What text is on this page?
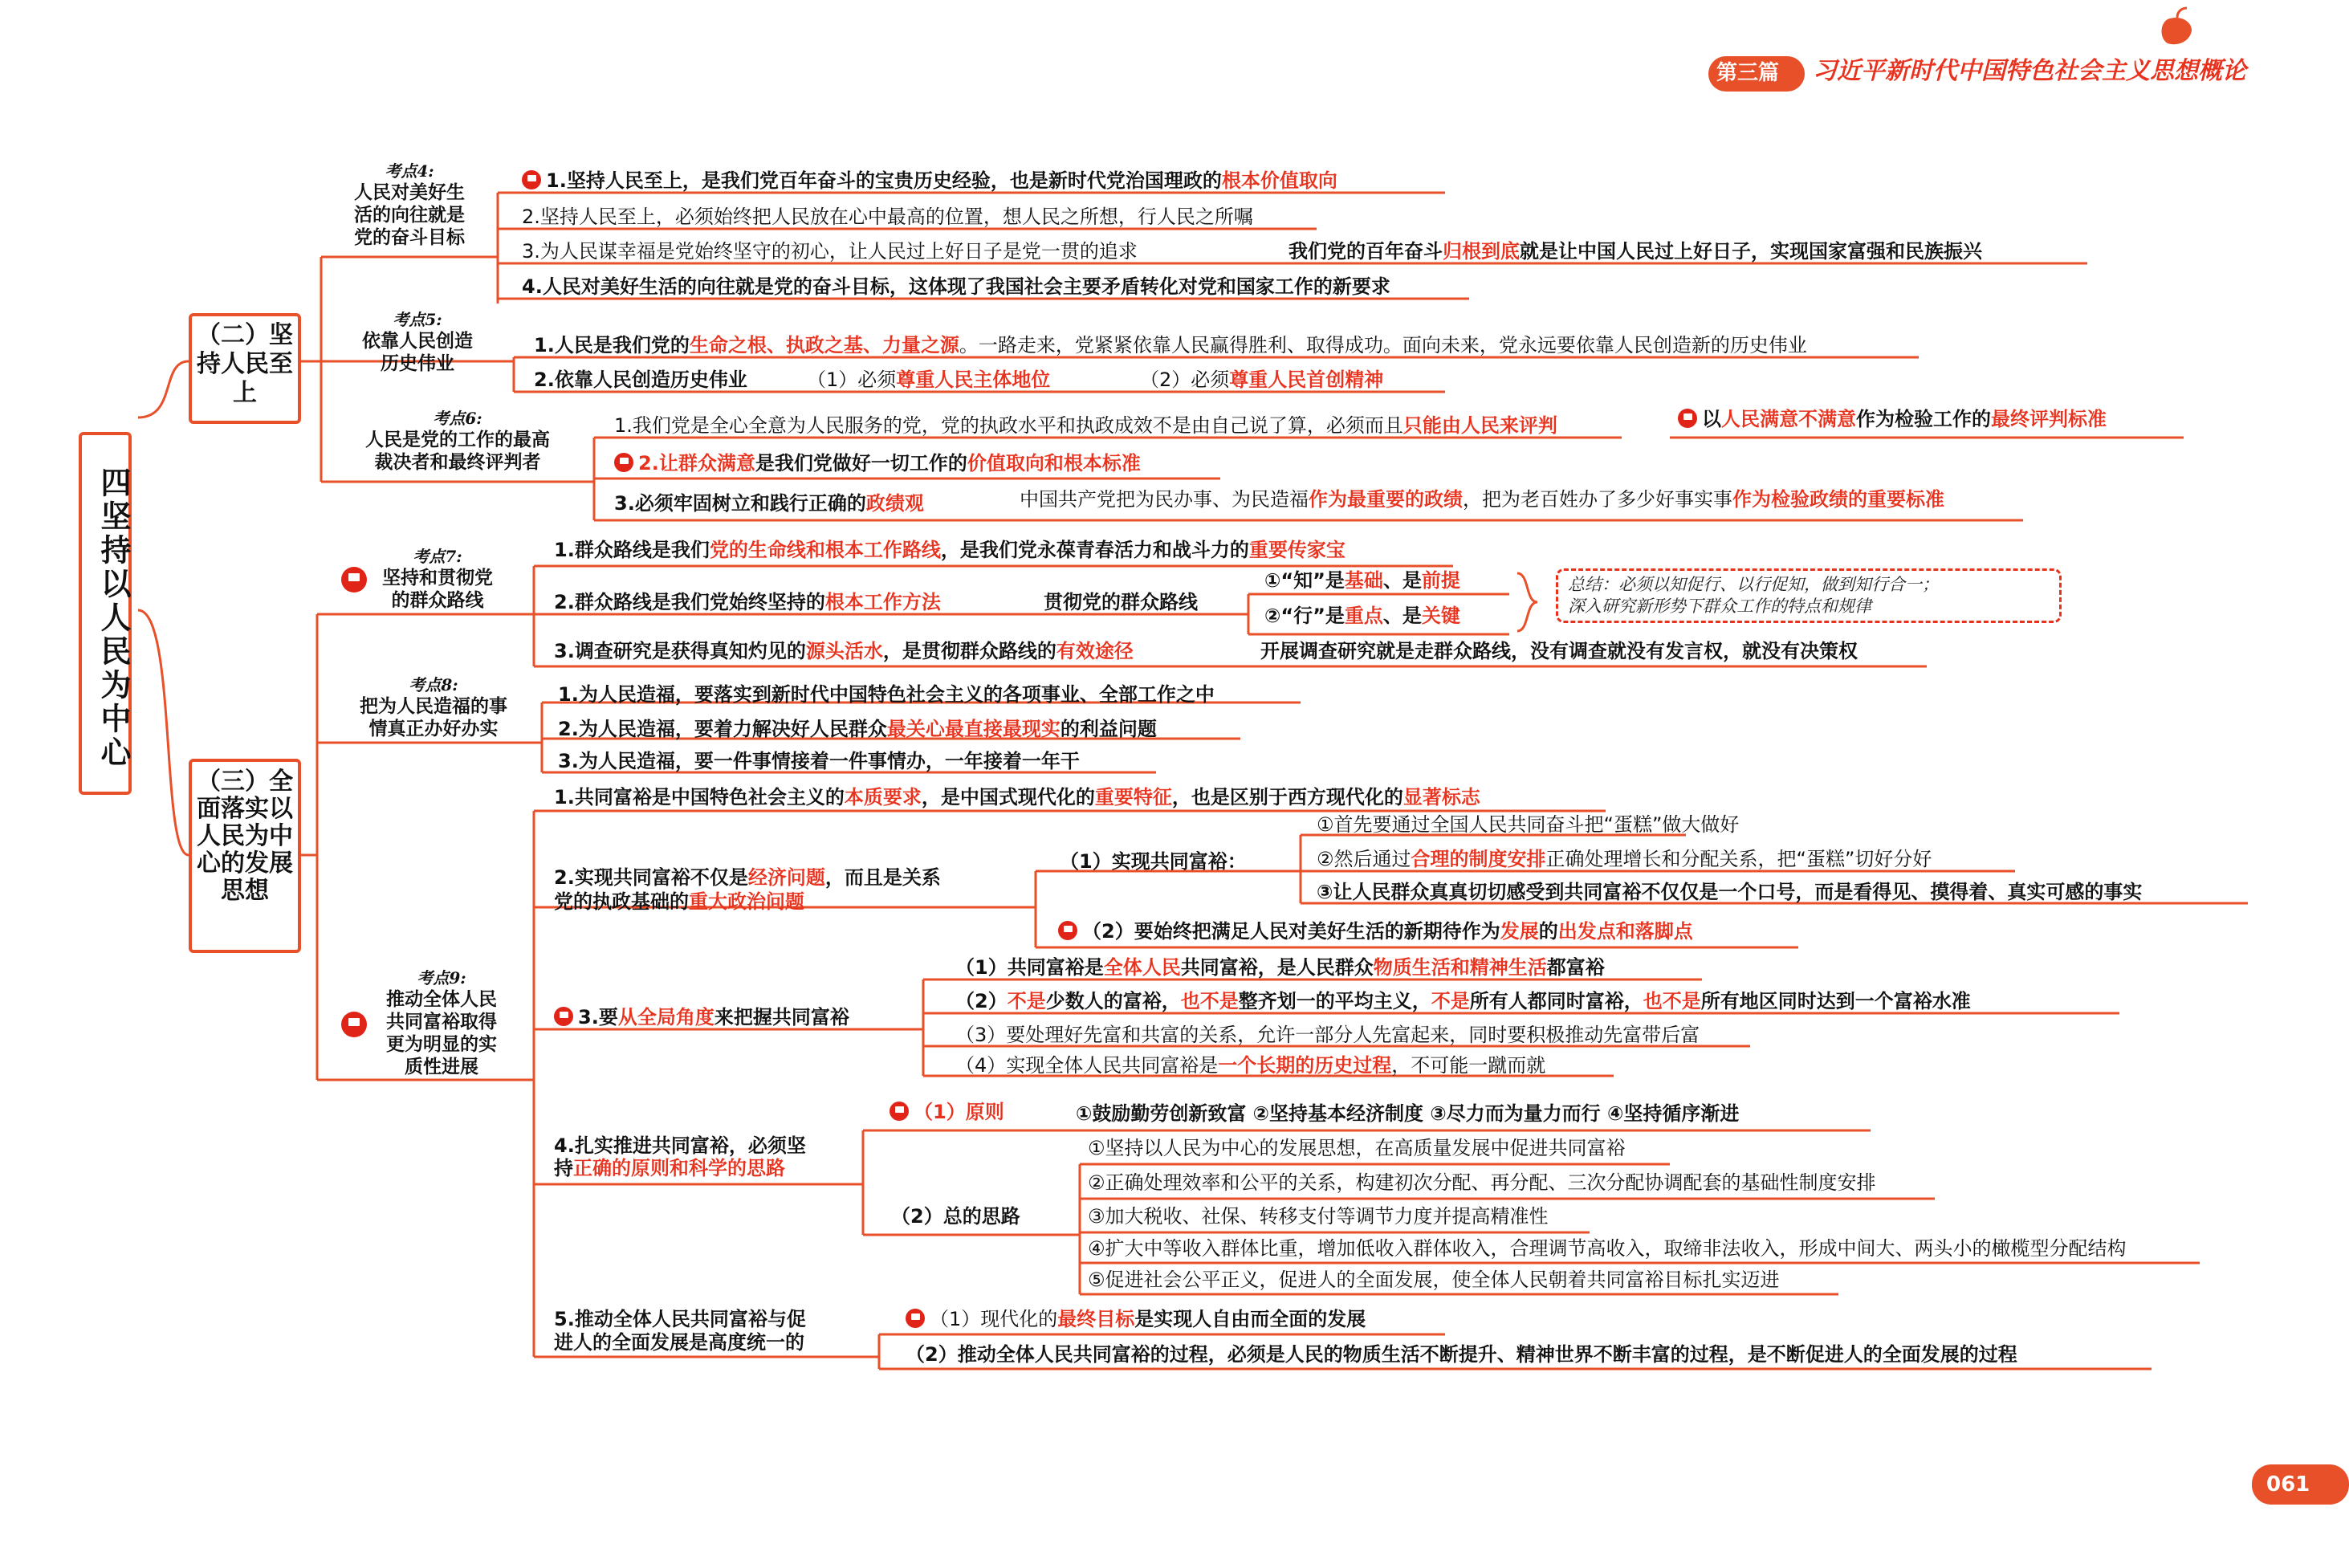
第三篇 习近平新时代中国特色社会主义思想概论
061
四坚持以人民为中心
（二）坚持人民至上
（三）全面落实以人民为中心的发展思想
考点4:
人民对美好生
活的向往就是
党的奋斗目标
考点5:
依靠人民创造
历史伟业
考点6:
人民是党的工作的最高
裁决者和最终评判者
考点7:
坚持和贯彻党
的群众路线
考点8:
把为人民造福的事
情真正办好办实
考点9:
推动全体人民
共同富裕取得
更为明显的实
质性进展
1.坚持人民至上，是我们党百年奋斗的宝贵历史经验，也是新时代党治国理政的根本价值取向
2.坚持人民至上，必须始终把人民放在心中最高的位置，想人民之所想，行人民之所嘱
3.为人民谋幸福是党始终坚守的初心，让人民过上好日子是党一贯的追求	我们党的百年奋斗归根到底就是让中国人民过上好日子，实现国家富强和民族振兴
4.人民对美好生活的向往就是党的奋斗目标，这体现了我国社会主要矛盾转化对党和国家工作的新要求
1.人民是我们党的生命之根、执政之基、力量之源。一路走来，党紧紧依靠人民赢得胜利、取得成功。面向未来，党永远要依靠人民创造新的历史伟业
2.依靠人民创造历史伟业	（1）必须尊重人民主体地位	（2）必须尊重人民首创精神
1.我们党是全心全意为人民服务的党，党的执政水平和执政成效不是由自己说了算，必须而且只能由人民来评判	以人民满意不满意作为检验工作的最终评判标准
2.让群众满意是我们党做好一切工作的价值取向和根本标准
3.必须牢固树立和践行正确的政绩观	中国共产党把为民办事、为民造福作为最重要的政绩，把为老百姓办了多少好事实事作为检验政绩的重要标准
1.群众路线是我们党的生命线和根本工作路线，是我们党永葆青春活力和战斗力的重要传家宝
2.群众路线是我们党始终坚持的根本工作方法	贯彻党的群众路线
①“知”是基础、是前提
②“行”是重点、是关键
总结：必须以知促行、以行促知，做到知行合一；
深入研究新形势下群众工作的特点和规律
3.调查研究是获得真知灼见的源头活水，是贯彻群众路线的有效途径	开展调查研究就是走群众路线，没有调查就没有发言权，就没有决策权
1.为人民造福，要落实到新时代中国特色社会主义的各项事业、全部工作之中
2.为人民造福，要着力解决好人民群众最关心最直接最现实的利益问题
3.为人民造福，要一件事情接着一件事情办，一年接着一年干
1.共同富裕是中国特色社会主义的本质要求，是中国式现代化的重要特征，也是区别于西方现代化的显著标志
2.实现共同富裕不仅是经济问题，而且是关系
党的执政基础的重大政治问题
（1）实现共同富裕：
①首先要通过全国人民共同奋斗把“蛋糕”做大做好
②然后通过合理的制度安排正确处理增长和分配关系，把“蛋糕”切好分好
③让人民群众真真切切感受到共同富裕不仅仅是一个口号，而是看得见、摸得着、真实可感的事实
（2）要始终把满足人民对美好生活的新期待作为发展的出发点和落脚点
3.要从全局角度来把握共同富裕
（1）共同富裕是全体人民共同富裕，是人民群众物质生活和精神生活都富裕
（2）不是少数人的富裕，也不是整齐划一的平均主义，不是所有人都同时富裕，也不是所有地区同时达到一个富裕水准
（3）要处理好先富和共富的关系，允许一部分人先富起来，同时要积极推动先富带后富
（4）实现全体人民共同富裕是一个长期的历史过程，不可能一蹴而就
4.扎实推进共同富裕，必须坚
持正确的原则和科学的思路
（1）原则	①鼓励勤劳创新致富 ②坚持基本经济制度 ③尽力而为量力而行 ④坚持循序渐进
（2）总的思路
①坚持以人民为中心的发展思想，在高质量发展中促进共同富裕
②正确处理效率和公平的关系，构建初次分配、再分配、三次分配协调配套的基础性制度安排
③加大税收、社保、转移支付等调节力度并提高精准性
④扩大中等收入群体比重，增加低收入群体收入，合理调节高收入，取缔非法收入，形成中间大、两头小的橄榄型分配结构
⑤促进社会公平正义，促进人的全面发展，使全体人民朝着共同富裕目标扎实迈进
5.推动全体人民共同富裕与促
进人的全面发展是高度统一的
（1）现代化的最终目标是实现人自由而全面的发展
（2）推动全体人民共同富裕的过程，必须是人民的物质生活不断提升、精神世界不断丰富的过程，是不断促进人的全面发展的过程
